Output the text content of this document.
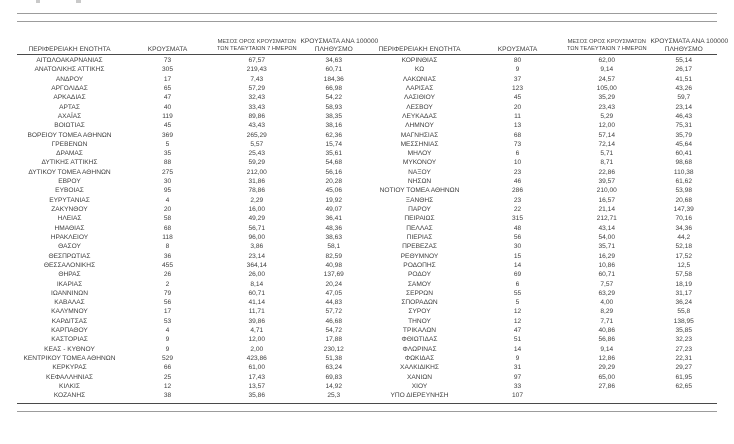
ΠΕΡΙΦΕΡΕΙΑΚΗ ΕΝΟΤΗΤΑ	ΚΡΟΥΣΜΑΤΑ	ΜΕΣΟΣ ΟΡΟΣ ΚΡΟΥΣΜΑΤΩΝ
ΤΩΝ ΤΕΛΕΥΤΑΙΩΝ 7 ΗΜΕΡΩΝ	ΚΡΟΥΣΜΑΤΑ ΑΝΑ 100000
ΠΛΗΘΥΣΜΟ
ΑΙΤΩΛΟΑΚΑΡΝΑΝΙΑΣ	73	67,57	34,63
ΑΝΑΤΟΛΙΚΗΣ ΑΤΤΙΚΗΣ	305	219,43	60,71
ΑΝΔΡΟΥ	17	7,43	184,36
ΑΡΓΟΛΙΔΑΣ	65	57,29	66,98
ΑΡΚΑΔΙΑΣ	47	32,43	54,22
ΑΡΤΑΣ	40	33,43	58,93
ΑΧΑΪΑΣ	119	89,86	38,35
ΒΟΙΩΤΙΑΣ	45	43,43	38,16
ΒΟΡΕΙΟΥ ΤΟΜΕΑ ΑΘΗΝΩΝ	369	265,29	62,36
ΓΡΕΒΕΝΩΝ	5	5,57	15,74
ΔΡΑΜΑΣ	35	25,43	35,61
ΔΥΤΙΚΗΣ ΑΤΤΙΚΗΣ	88	59,29	54,68
ΔΥΤΙΚΟΥ ΤΟΜΕΑ ΑΘΗΝΩΝ	275	212,00	56,16
ΕΒΡΟΥ	30	31,86	20,28
ΕΥΒΟΙΑΣ	95	78,86	45,06
ΕΥΡΥΤΑΝΙΑΣ	4	2,29	19,92
ΖΑΚΥΝΘΟΥ	20	16,00	49,07
ΗΛΕΙΑΣ	58	49,29	36,41
ΗΜΑΘΙΑΣ	68	56,71	48,36
ΗΡΑΚΛΕΙΟΥ	118	96,00	38,63
ΘΑΣΟΥ	8	3,86	58,1
ΘΕΣΠΡΩΤΙΑΣ	36	23,14	82,59
ΘΕΣΣΑΛΟΝΙΚΗΣ	455	364,14	40,98
ΘΗΡΑΣ	26	26,00	137,69
ΙΚΑΡΙΑΣ	2	8,14	20,24
ΙΩΑΝΝΙΝΩΝ	79	60,71	47,05
ΚΑΒΑΛΑΣ	56	41,14	44,83
ΚΑΛΥΜΝΟΥ	17	11,71	57,72
ΚΑΡΔΙΤΣΑΣ	53	39,86	46,68
ΚΑΡΠΑΘΟΥ	4	4,71	54,72
ΚΑΣΤΟΡΙΑΣ	9	12,00	17,88
ΚΕΑΣ - ΚΥΘΝΟΥ	9	2,00	230,12
ΚΕΝΤΡΙΚΟΥ ΤΟΜΕΑ ΑΘΗΝΩΝ	529	423,86	51,38
ΚΕΡΚΥΡΑΣ	66	61,00	63,24
ΚΕΦΑΛΛΗΝΙΑΣ	25	17,43	69,83
ΚΙΛΚΙΣ	12	13,57	14,92
ΚΟΖΑΝΗΣ	38	35,86	25,3
ΠΕΡΙΦΕΡΕΙΑΚΗ ΕΝΟΤΗΤΑ	ΚΡΟΥΣΜΑΤΑ	ΜΕΣΟΣ ΟΡΟΣ ΚΡΟΥΣΜΑΤΩΝ
ΤΩΝ ΤΕΛΕΥΤΑΙΩΝ 7 ΗΜΕΡΩΝ	ΚΡΟΥΣΜΑΤΑ ΑΝΑ 100000
ΠΛΗΘΥΣΜΟ
ΚΟΡΙΝΘΙΑΣ	80	62,00	55,14
ΚΩ	9	9,14	26,17
ΛΑΚΩΝΙΑΣ	37	24,57	41,51
ΛΑΡΙΣΑΣ	123	105,00	43,26
ΛΑΣΙΘΙΟΥ	45	35,29	59,7
ΛΕΣΒΟΥ	20	23,43	23,14
ΛΕΥΚΑΔΑΣ	11	5,29	46,43
ΛΗΜΝΟΥ	13	12,00	75,31
ΜΑΓΝΗΣΙΑΣ	68	57,14	35,79
ΜΕΣΣΗΝΙΑΣ	73	72,14	45,64
ΜΗΛΟΥ	6	5,71	60,41
ΜΥΚΟΝΟΥ	10	8,71	98,68
ΝΑΞΟΥ	23	22,86	110,38
ΝΗΣΩΝ	46	39,57	61,62
ΝΟΤΙΟΥ ΤΟΜΕΑ ΑΘΗΝΩΝ	286	210,00	53,98
ΞΑΝΘΗΣ	23	16,57	20,68
ΠΑΡΟΥ	22	21,14	147,39
ΠΕΙΡΑΙΩΣ	315	212,71	70,16
ΠΕΛΛΑΣ	48	43,14	34,36
ΠΙΕΡΙΑΣ	56	54,00	44,2
ΠΡΕΒΕΖΑΣ	30	35,71	52,18
ΡΕΘΥΜΝΟΥ	15	16,29	17,52
ΡΟΔΟΠΗΣ	14	10,86	12,5
ΡΟΔΟΥ	69	60,71	57,58
ΣΑΜΟΥ	6	7,57	18,19
ΣΕΡΡΩΝ	55	63,29	31,17
ΣΠΟΡΑΔΩΝ	5	4,00	36,24
ΣΥΡΟΥ	12	8,29	55,8
ΤΗΝΟΥ	12	7,71	138,95
ΤΡΙΚΑΛΩΝ	47	40,86	35,85
ΦΘΙΩΤΙΔΑΣ	51	56,86	32,23
ΦΛΩΡΙΝΑΣ	14	9,14	27,23
ΦΩΚΙΔΑΣ	9	12,86	22,31
ΧΑΛΚΙΔΙΚΗΣ	31	29,29	29,27
ΧΑΝΙΩΝ	97	65,00	61,95
ΧΙΟΥ	33	27,86	62,65
ΥΠΟ ΔΙΕΡΕΥΝΗΣΗ	107		
